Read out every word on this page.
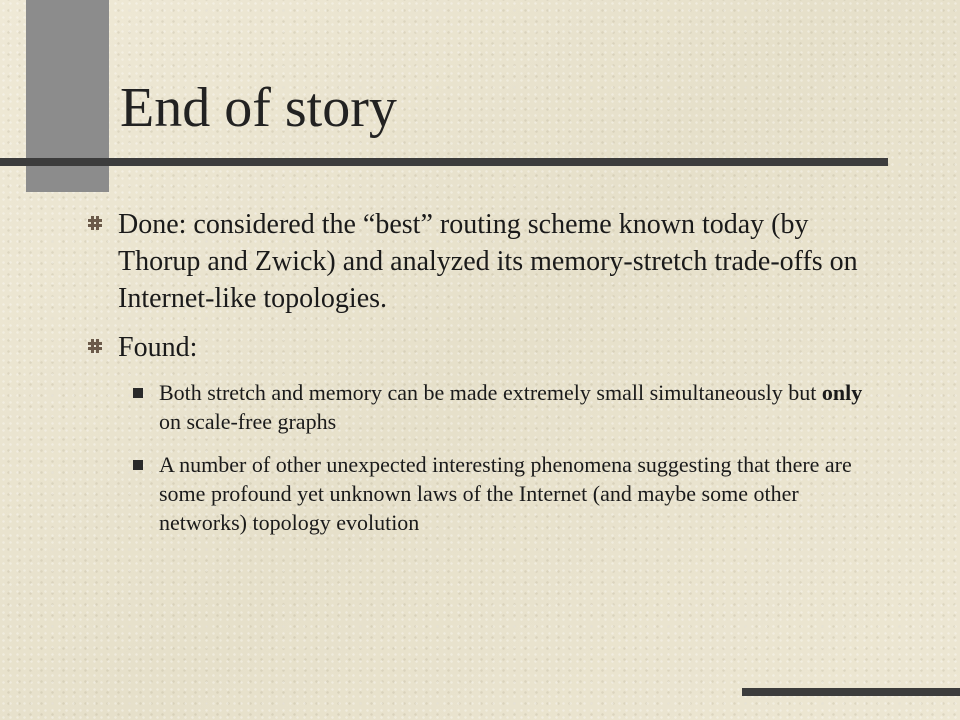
End of story
Done: considered the “best” routing scheme known today (by Thorup and Zwick) and analyzed its memory-stretch trade-offs on Internet-like topologies.
Found:
Both stretch and memory can be made extremely small simultaneously but only on scale-free graphs
A number of other unexpected interesting phenomena suggesting that there are some profound yet unknown laws of the Internet (and maybe some other networks) topology evolution
